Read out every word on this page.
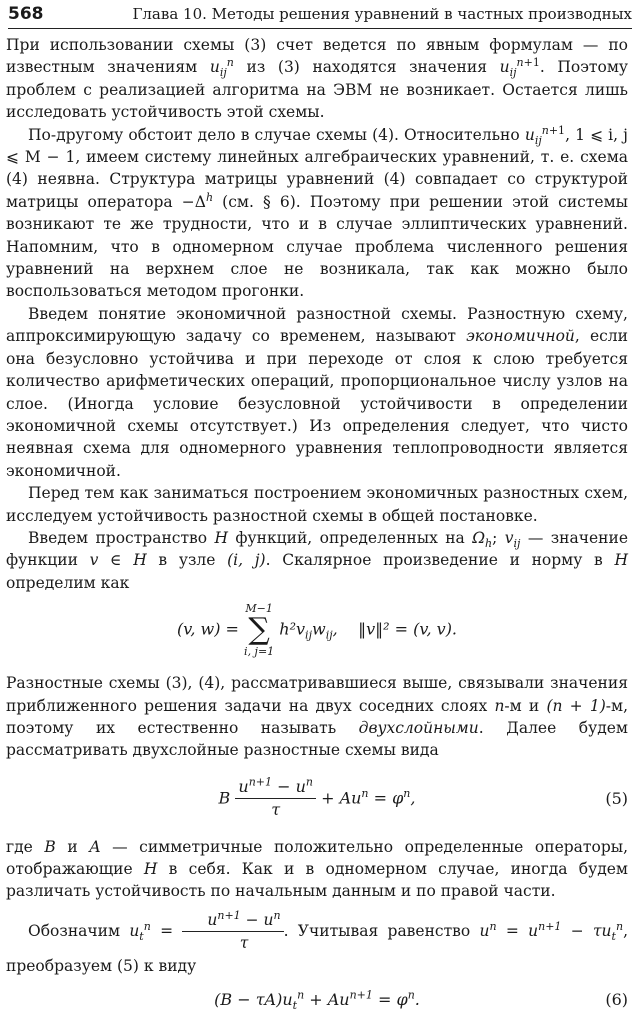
568	Глава 10. Методы решения уравнений в частных производных

При использовании схемы (3) счет ведется по явным формулам — по известным значениям $u_{ij}^n$ из (3) находятся значения $u_{ij}^{n+1}$. Поэтому проблем с реализацией алгоритма на ЭВМ не возникает. Остается лишь исследовать устойчивость этой схемы.

По-другому обстоит дело в случае схемы (4). Относительно $u_{ij}^{n+1}$, 1 ⩽ i, j ⩽ M − 1, имеем систему линейных алгебраических уравнений, т. е. схема (4) неявна. Структура матрицы уравнений (4) совпадает со структурой матрицы оператора $-\Delta^h$ (см. § 6). Поэтому при решении этой системы возникают те же трудности, что и в случае эллиптических уравнений. Напомним, что в одномерном случае проблема численного решения уравнений на верхнем слое не возникала, так как можно было воспользоваться методом прогонки.

Введем понятие экономичной разностной схемы. Разностную схему, аппроксимирующую задачу со временем, называют экономичной, если она безусловно устойчива и при переходе от слоя к слою требуется количество арифметических операций, пропорциональное числу узлов на слое. (Иногда условие безусловной устойчивости в определении экономичной схемы отсутствует.) Из определения следует, что чисто неявная схема для одномерного уравнения теплопроводности является экономичной.

Перед тем как заниматься построением экономичных разностных схем, исследуем устойчивость разностной схемы в общей постановке.

Введем пространство H функций, определенных на $\Omega_h$; $v_{ij}$ — значение функции v ∈ H в узле (i, j). Скалярное произведение и норму в H определим как

(v, w) =
M−1
∑
i, j=1
$h^2v_{ij}w_{ij}$,    ‖v‖² = (v, v).

Разностные схемы (3), (4), рассматривавшиеся выше, связывали значения приближенного решения задачи на двух соседних слоях n-м и (n + 1)-м, поэтому их естественно называть двухслойными. Далее будем рассматривать двухслойные разностные схемы вида

B $\frac{u^{n+1} - u^n}{\tau} + Au^n = \varphi^n$,	(5)

где B и A — симметричные положительно определенные операторы, отображающие H в себя. Как и в одномерном случае, иногда будем различать устойчивость по начальным данным и по правой части.

Обозначим $u_t^n = \frac{u^{n+1} - u^n}{\tau}$ . Учитывая равенство $u^n = u^{n+1} - \tau u_t^n$, преобразуем (5) к виду

$(B - \tau A)u_t^n + Au^{n+1} = \varphi^n$.	(6)
